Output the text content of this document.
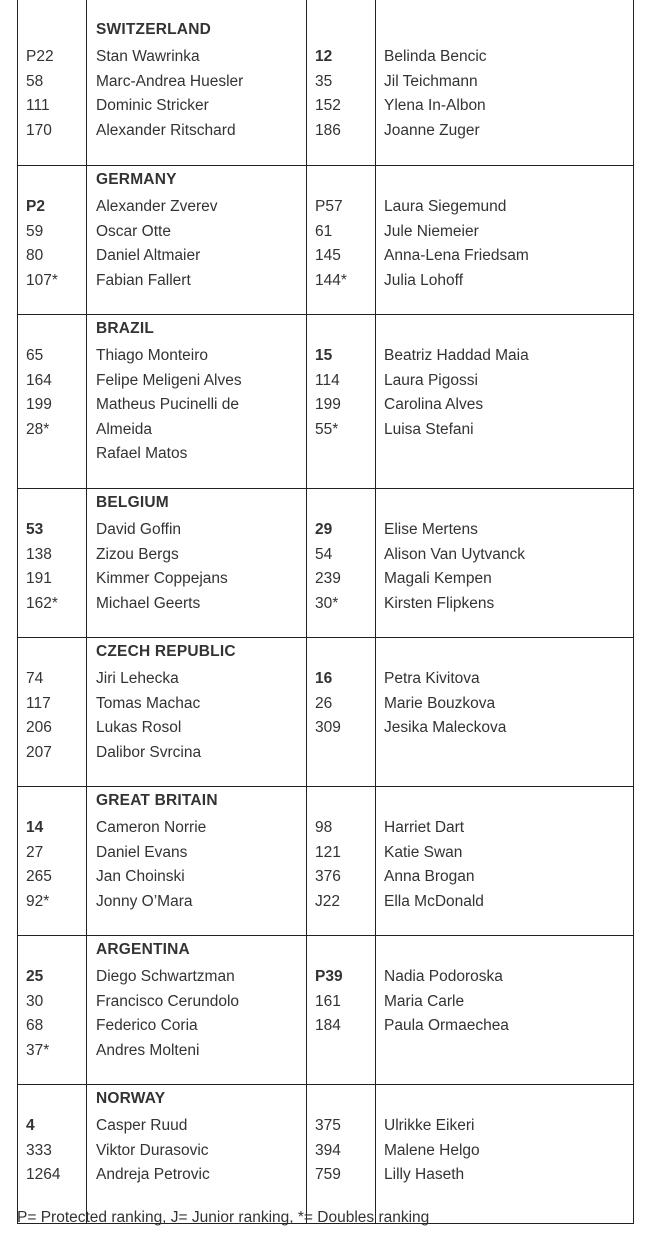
SWITZERLAND
P22
58
111
170
Stan Wawrinka
Marc-Andrea Huesler
Dominic Stricker
Alexander Ritschard
12
35
152
186
Belinda Bencic
Jil Teichmann
Ylena In-Albon
Joanne Zuger
GERMANY
P2
59
80
107*
Alexander Zverev
Oscar Otte
Daniel Altmaier
Fabian Fallert
P57
61
145
144*
Laura Siegemund
Jule Niemeier
Anna-Lena Friedsam
Julia Lohoff
BRAZIL
65
164
199
28*
Thiago Monteiro
Felipe Meligeni Alves
Matheus Pucinelli de
Almeida
Rafael Matos
15
114
199
55*
Beatriz Haddad Maia
Laura Pigossi
Carolina Alves
Luisa Stefani
BELGIUM
53
138
191
162*
David Goffin
Zizou Bergs
Kimmer Coppejans
Michael Geerts
29
54
239
30*
Elise Mertens
Alison Van Uytvanck
Magali Kempen
Kirsten Flipkens
CZECH REPUBLIC
74
117
206
207
Jiri Lehecka
Tomas Machac
Lukas Rosol
Dalibor Svrcina
16
26
309
Petra Kivitova
Marie Bouzkova
Jesika Maleckova
GREAT BRITAIN
14
27
265
92*
Cameron Norrie
Daniel Evans
Jan Choinski
Jonny O’Mara
98
121
376
J22
Harriet Dart
Katie Swan
Anna Brogan
Ella McDonald
ARGENTINA
25
30
68
37*
Diego Schwartzman
Francisco Cerundolo
Federico Coria
Andres Molteni
P39
161
184
Nadia Podoroska
Maria Carle
Paula Ormaechea
NORWAY
4
333
1264
Casper Ruud
Viktor Durasovic
Andreja Petrovic
375
394
759
Ulrikke Eikeri
Malene Helgo
Lilly Haseth
P= Protected ranking, J= Junior ranking, *= Doubles ranking
